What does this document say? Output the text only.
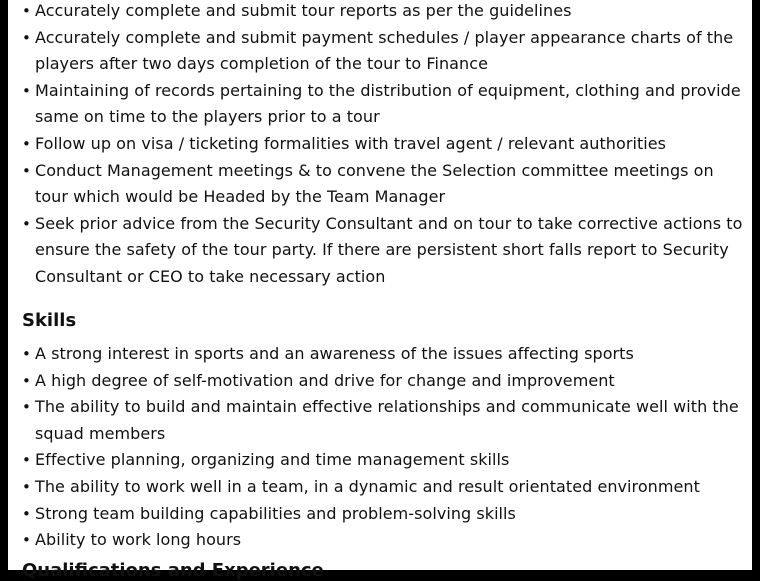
• Accurately complete and submit tour reports as per the guidelines
• Accurately complete and submit payment schedules / player appearance charts of the
players after two days completion of the tour to Finance
• Maintaining of records pertaining to the distribution of equipment, clothing and provide
same on time to the players prior to a tour
• Follow up on visa / ticketing formalities with travel agent / relevant authorities
• Conduct Management meetings & to convene the Selection committee meetings on
tour which would be Headed by the Team Manager
• Seek prior advice from the Security Consultant and on tour to take corrective actions to
ensure the safety of the tour party. If there are persistent short falls report to Security
Consultant or CEO to take necessary action
Skills
• A strong interest in sports and an awareness of the issues affecting sports
• A high degree of self-motivation and drive for change and improvement
• The ability to build and maintain effective relationships and communicate well with the
squad members
• Effective planning, organizing and time management skills
• The ability to work well in a team, in a dynamic and result orientated environment
• Strong team building capabilities and problem-solving skills
• Ability to work long hours
Qualifications and Experience
